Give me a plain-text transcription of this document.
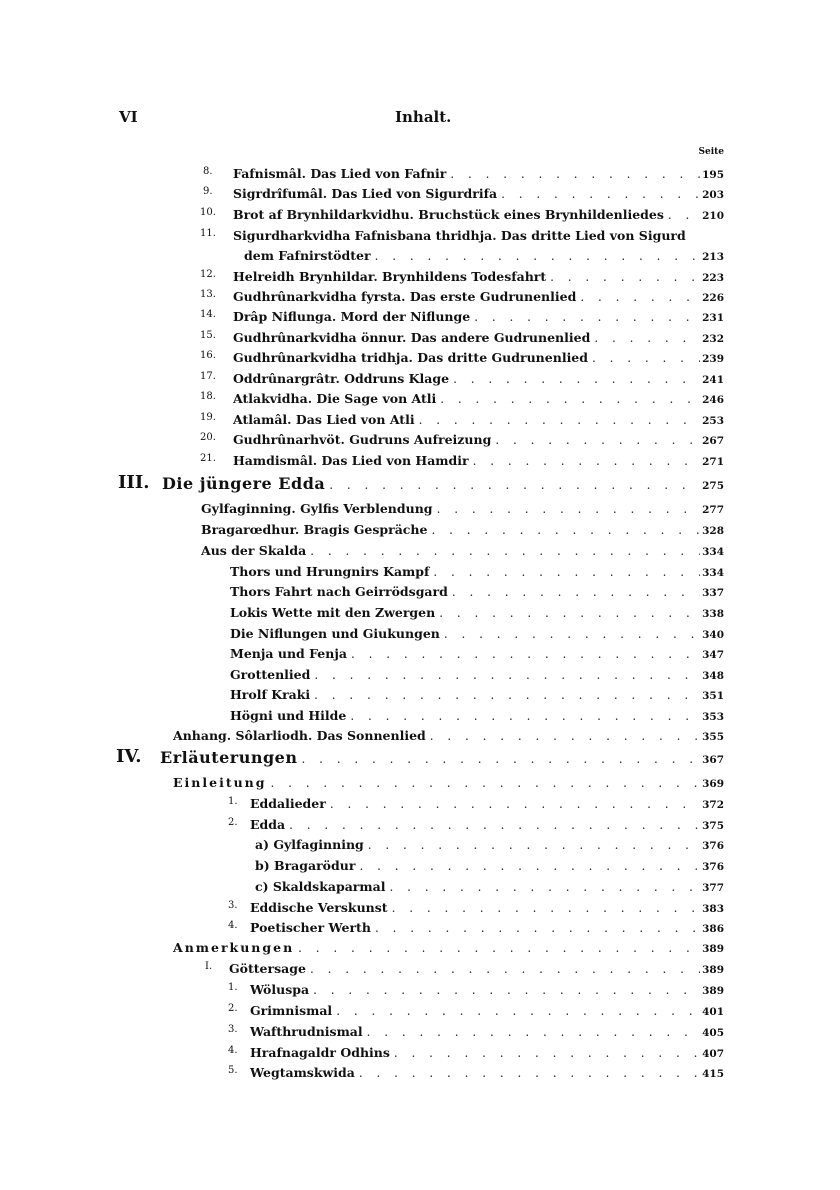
VI	Inhalt.
Seite
8. Fafnismâl. Das Lied von Fafnir . . .	195
9. Sigrdrîfumâl. Das Lied von Sigurdrifa . . .	203
10. Brot af Brynhildarkvidhu. Bruchstück eines Brynhildenliedes . . .	210
11. Sigurdharkvidha Fafnisbana thridhja. Das dritte Lied von Sigurd
dem Fafnirstödter . . .	213
12. Helreidh Brynhildar. Brynhildens Todesfahrt . . .	223
13. Gudhrûnarkvidha fyrsta. Das erste Gudrunenlied . . .	226
14. Drâp Niflunga. Mord der Niflunge . . .	231
15. Gudhrûnarkvidha önnur. Das andere Gudrunenlied . . .	232
16. Gudhrûnarkvidha tridhja. Das dritte Gudrunenlied . . .	239
17. Oddrûnargrâtr. Oddruns Klage . . .	241
18. Atlakvidha. Die Sage von Atli . . .	246
19. Atlamâl. Das Lied von Atli . . .	253
20. Gudhrûnarhvöt. Gudruns Aufreizung . . .	267
21. Hamdismâl. Das Lied von Hamdir . . .	271
III. Die jüngere Edda . . .	275
Gylfaginning. Gylfis Verblendung . . .	277
Bragarœdhur. Bragis Gespräche . . .	328
Aus der Skalda . . .	334
Thors und Hrungnirs Kampf . . .	334
Thors Fahrt nach Geirrödsgard . . .	337
Lokis Wette mit den Zwergen . . .	338
Die Niflungen und Giukungen . . .	340
Menja und Fenja . . .	347
Grottenlied . . .	348
Hrolf Kraki . . .	351
Högni und Hilde . . .	353
Anhang. Sôlarliodh. Das Sonnenlied . . .	355
IV. Erläuterungen . . .	367
Einleitung . . .	369
1. Eddalieder . . .	372
2. Edda . . .	375
a) Gylfaginning . . .	376
b) Bragarödur . . .	376
c) Skaldskaparmal . . .	377
3. Eddische Verskunst . . .	383
4. Poetischer Werth . . .	386
Anmerkungen . . .	389
I. Göttersage . . .	389
1. Wöluspa . . .	389
2. Grimnismal . . .	401
3. Wafthrudnismal . . .	405
4. Hrafnagaldr Odhins . . .	407
5. Wegtamskwida . . .	415
